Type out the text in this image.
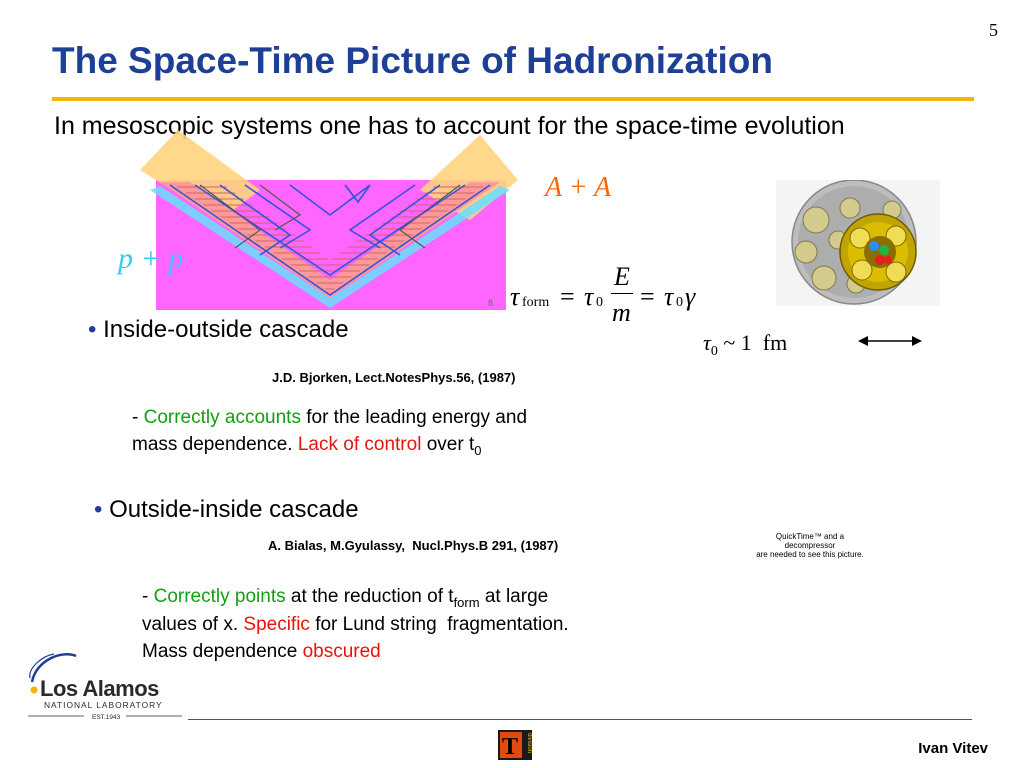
5
The Space-Time Picture of Hadronization
In mesoscopic systems one has to account for the space-time evolution
8
p + p
A + A
τ form = τ 0
E
m
= τ 0 γ
$\tau_0$ ~ 1  fm
• Inside-outside cascade
J.D. Bjorken, Lect.NotesPhys.56, (1987)
- Correctly accounts for the leading energy and
mass dependence. Lack of control over $t_0$
• Outside-inside cascade
A. Bialas, M.Gyulassy,  Nucl.Phys.B 291, (1987)
- Correctly points at the reduction of $t_{form}$ at large
values of x. Specific for Lund string  fragmentation.
Mass dependence obscured
QuickTime™ and a
decompressor
are needed to see this picture.
Los Alamos
NATIONAL LABORATORY
EST.1943
T division	Ivan Vitev
